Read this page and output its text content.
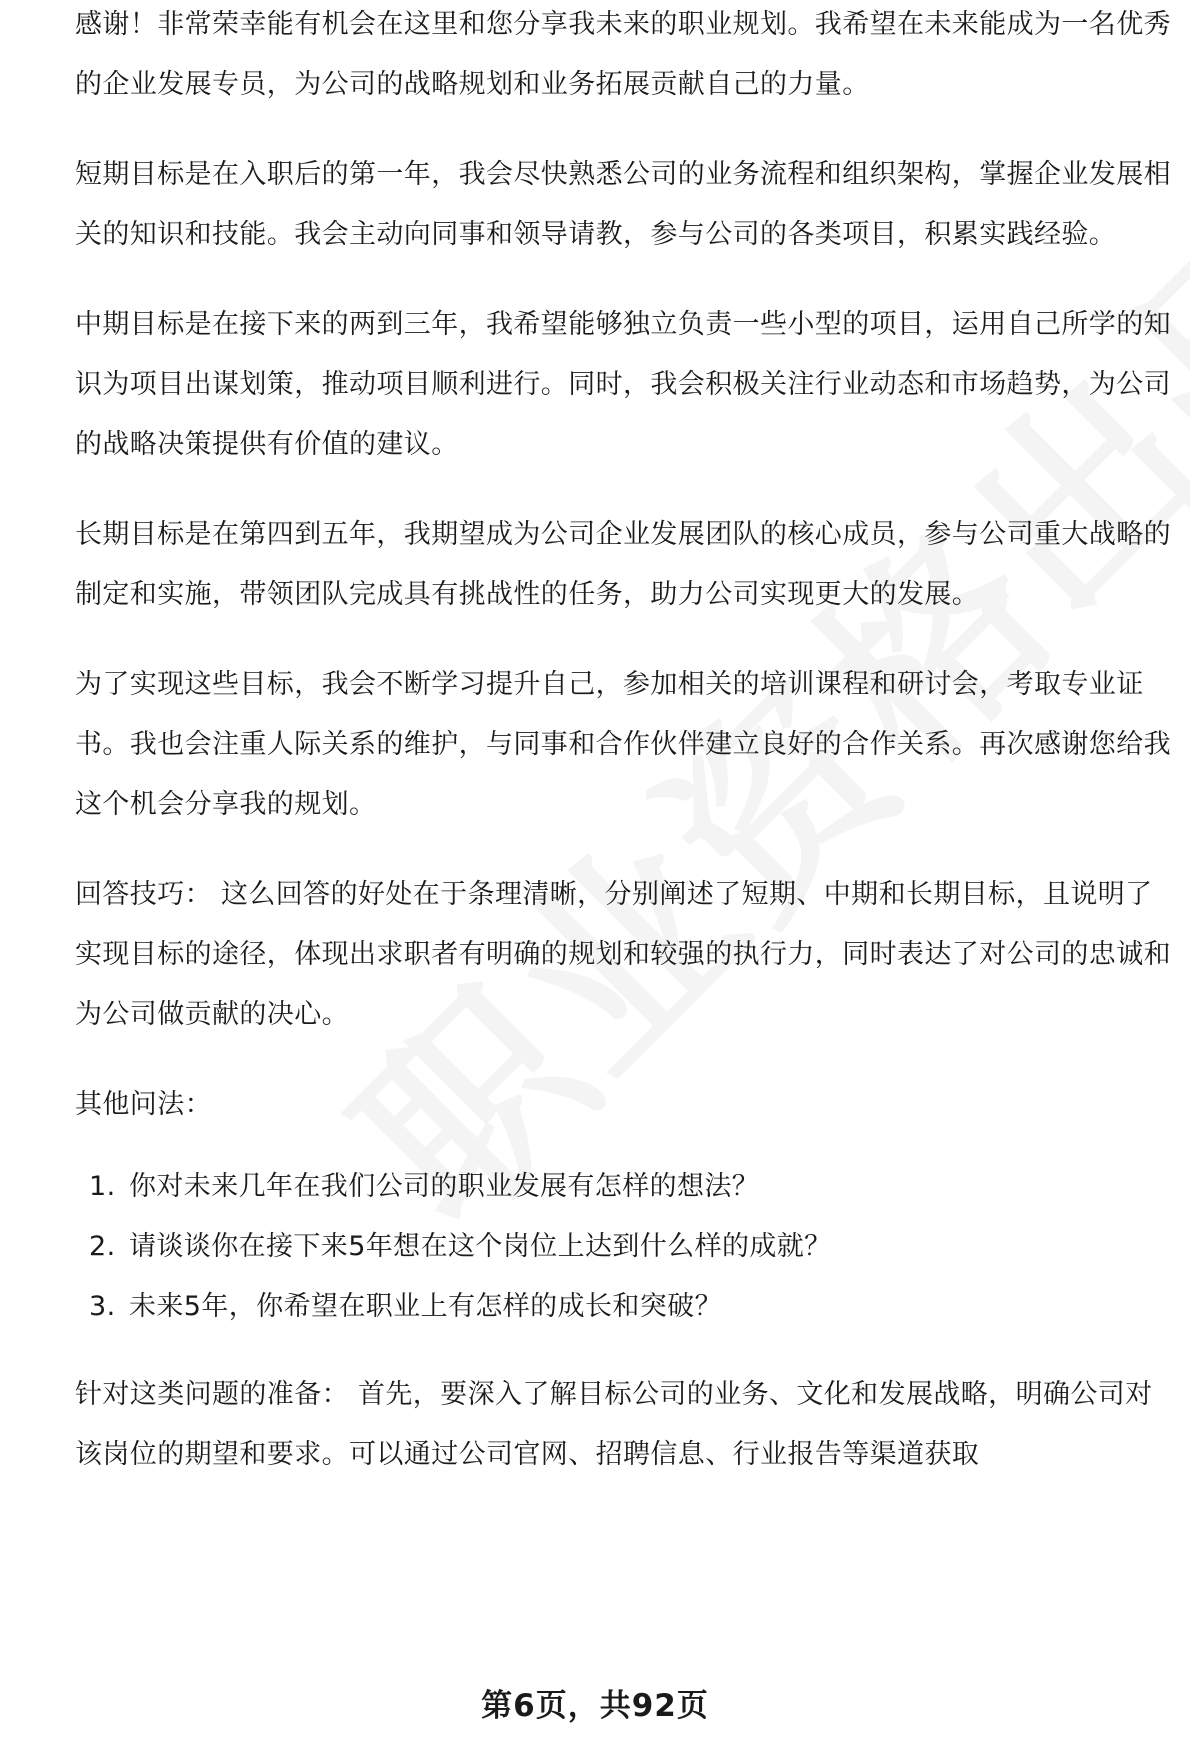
感谢！非常荣幸能有机会在这里和您分享我未来的职业规划。我希望在未来能成为一名优秀的企业发展专员，为公司的战略规划和业务拓展贡献自己的力量。

短期目标是在入职后的第一年，我会尽快熟悉公司的业务流程和组织架构，掌握企业发展相关的知识和技能。我会主动向同事和领导请教，参与公司的各类项目，积累实践经验。

中期目标是在接下来的两到三年，我希望能够独立负责一些小型的项目，运用自己所学的知识为项目出谋划策，推动项目顺利进行。同时，我会积极关注行业动态和市场趋势，为公司的战略决策提供有价值的建议。

长期目标是在第四到五年，我期望成为公司企业发展团队的核心成员，参与公司重大战略的制定和实施，带领团队完成具有挑战性的任务，助力公司实现更大的发展。

为了实现这些目标，我会不断学习提升自己，参加相关的培训课程和研讨会，考取专业证书。我也会注重人际关系的维护，与同事和合作伙伴建立良好的合作关系。再次感谢您给我这个机会分享我的规划。

回答技巧： 这么回答的好处在于条理清晰，分别阐述了短期、中期和长期目标，且说明了实现目标的途径，体现出求职者有明确的规划和较强的执行力，同时表达了对公司的忠诚和为公司做贡献的决心。

其他问法：

1. 你对未来几年在我们公司的职业发展有怎样的想法？
2. 请谈谈你在接下来5年想在这个岗位上达到什么样的成就？
3. 未来5年，你希望在职业上有怎样的成长和突破？

针对这类问题的准备： 首先，要深入了解目标公司的业务、文化和发展战略，明确公司对该岗位的期望和要求。可以通过公司官网、招聘信息、行业报告等渠道获取

第6页，共92页
